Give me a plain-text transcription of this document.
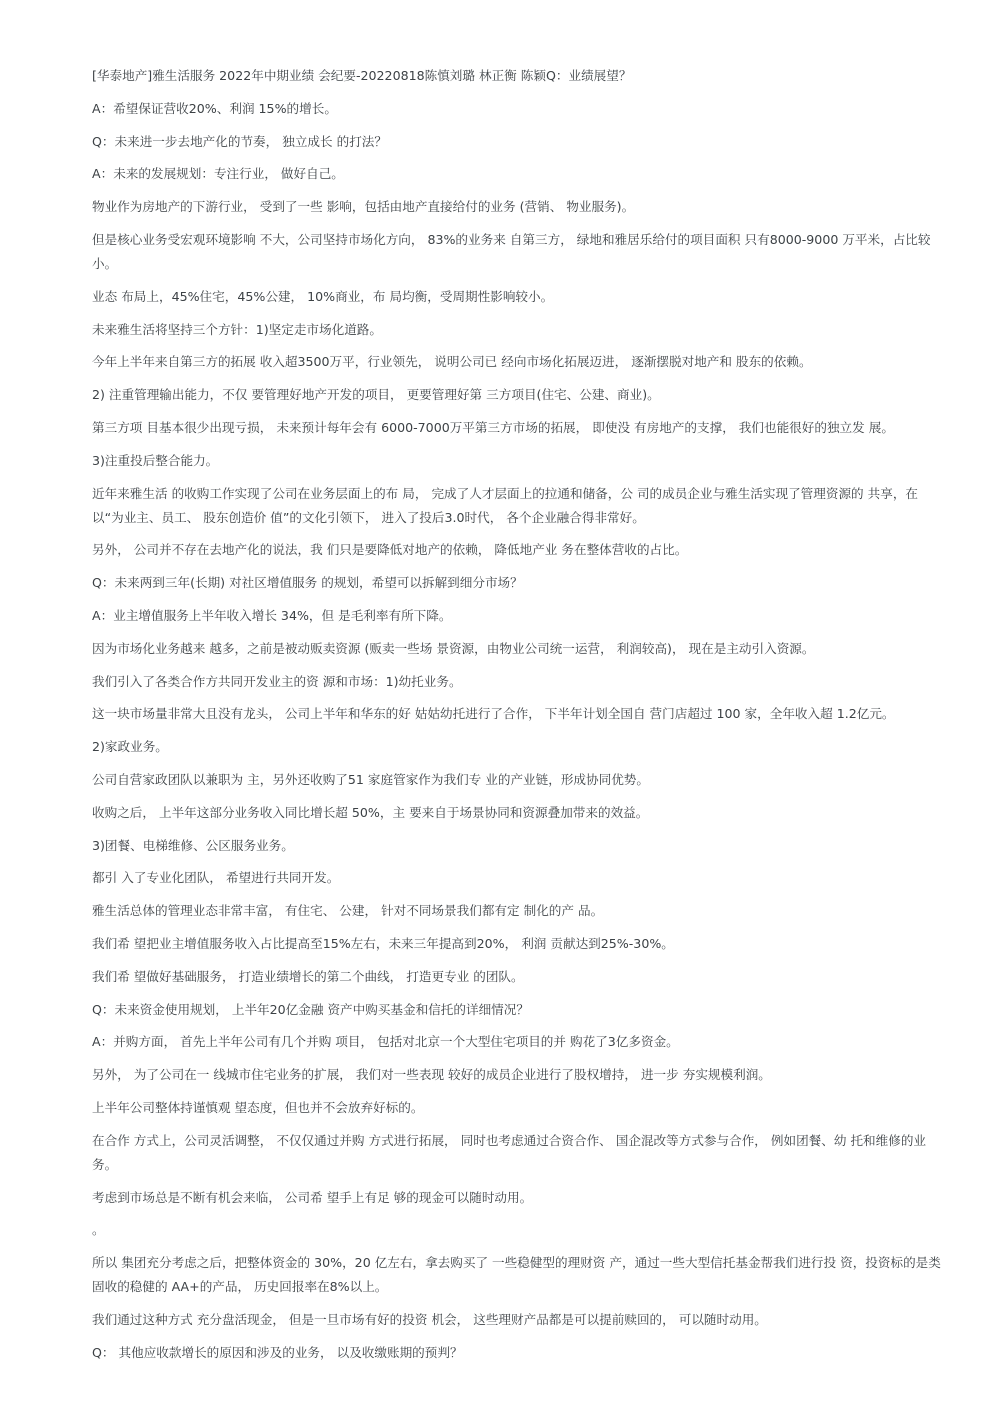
[华泰地产]雅生活服务 2022年中期业绩 会纪要-20220818陈慎刘璐 林正衡 陈颖Q：业绩展望？

A：希望保证营收20%、利润 15%的增长。

Q：未来进一步去地产化的节奏， 独立成长 的打法？

A：未来的发展规划：专注行业， 做好自己。

物业作为房地产的下游行业， 受到了一些 影响，包括由地产直接给付的业务 (营销、 物业服务)。

但是核心业务受宏观环境影响 不大，公司坚持市场化方向， 83%的业务来 自第三方， 绿地和雅居乐给付的项目面积 只有8000-9000 万平米，占比较小。

业态 布局上，45%住宅，45%公建， 10%商业，布 局均衡，受周期性影响较小。

未来雅生活将坚持三个方针：1)坚定走市场化道路。

今年上半年来自第三方的拓展 收入超3500万平，行业领先， 说明公司已 经向市场化拓展迈进， 逐渐摆脱对地产和 股东的依赖。

2) 注重管理输出能力，不仅 要管理好地产开发的项目， 更要管理好第 三方项目(住宅、公建、商业)。

第三方项 目基本很少出现亏损， 未来预计每年会有 6000-7000万平第三方市场的拓展， 即使没 有房地产的支撑， 我们也能很好的独立发 展。

3)注重投后整合能力。

近年来雅生活 的收购工作实现了公司在业务层面上的布 局， 完成了人才层面上的拉通和储备，公 司的成员企业与雅生活实现了管理资源的 共享，在以“为业主、员工、 股东创造价 值”的文化引领下， 进入了投后3.0时代， 各个企业融合得非常好。

另外， 公司并不存在去地产化的说法，我 们只是要降低对地产的依赖， 降低地产业 务在整体营收的占比。

Q：未来两到三年(长期) 对社区增值服务 的规划，希望可以拆解到细分市场？

A：业主增值服务上半年收入增长 34%，但 是毛利率有所下降。

因为市场化业务越来 越多，之前是被动贩卖资源 (贩卖一些场 景资源，由物业公司统一运营， 利润较高)， 现在是主动引入资源。

我们引入了各类合作方共同开发业主的资 源和市场：1)幼托业务。

这一块市场量非常大且没有龙头， 公司上半年和华东的好 姑姑幼托进行了合作， 下半年计划全国自 营门店超过 100 家，全年收入超 1.2亿元。

2)家政业务。

公司自营家政团队以兼职为 主，另外还收购了51 家庭管家作为我们专 业的产业链，形成协同优势。

收购之后， 上半年这部分业务收入同比增长超 50%，主 要来自于场景协同和资源叠加带来的效益。

3)团餐、电梯维修、公区服务业务。

都引 入了专业化团队， 希望进行共同开发。

雅生活总体的管理业态非常丰富， 有住宅、 公建， 针对不同场景我们都有定 制化的产 品。

我们希 望把业主增值服务收入占比提高至15%左右，未来三年提高到20%， 利润 贡献达到25%-30%。

我们希 望做好基础服务， 打造业绩增长的第二个曲线， 打造更专业 的团队。

Q：未来资金使用规划， 上半年20亿金融 资产中购买基金和信托的详细情况？

A：并购方面， 首先上半年公司有几个并购 项目， 包括对北京一个大型住宅项目的并 购花了3亿多资金。

另外， 为了公司在一 线城市住宅业务的扩展， 我们对一些表现 较好的成员企业进行了股权增持， 进一步 夯实规模利润。

上半年公司整体持谨慎观 望态度，但也并不会放弃好标的。

在合作 方式上，公司灵活调整， 不仅仅通过并购 方式进行拓展， 同时也考虑通过合资合作、 国企混改等方式参与合作， 例如团餐、幼 托和维修的业务。

考虑到市场总是不断有机会来临， 公司希 望手上有足 够的现金可以随时动用。

。

所以 集团充分考虑之后，把整体资金的 30%，20 亿左右，拿去购买了 一些稳健型的理财资 产，通过一些大型信托基金帮我们进行投 资，投资标的是类固收的稳健的 AA+的产品， 历史回报率在8%以上。

我们通过这种方式 充分盘活现金， 但是一旦市场有好的投资 机会， 这些理财产品都是可以提前赎回的， 可以随时动用。

Q： 其他应收款增长的原因和涉及的业务， 以及收缴账期的预判？
